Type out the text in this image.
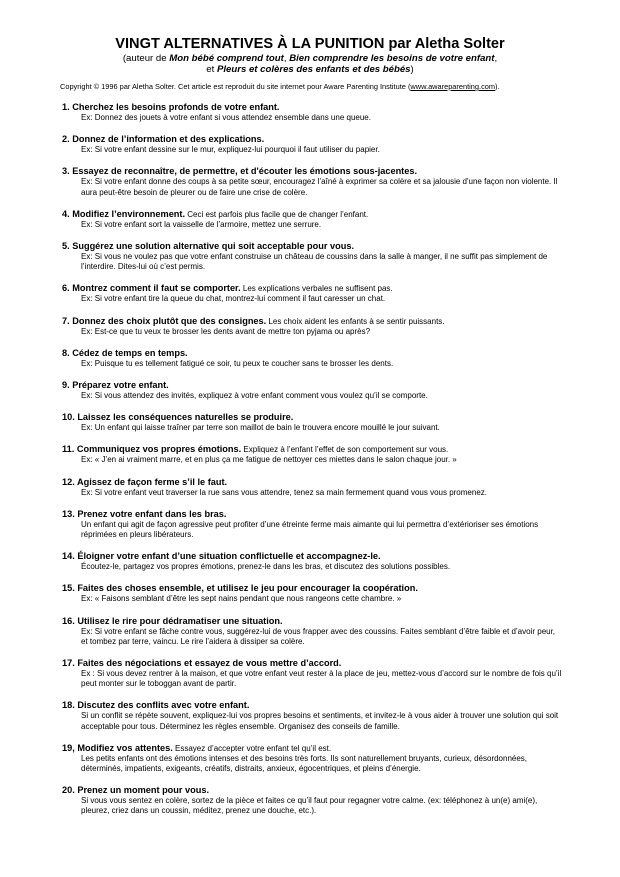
VINGT ALTERNATIVES À LA PUNITION par Aletha Solter
(auteur de Mon bébé comprend tout, Bien comprendre les besoins de votre enfant,
et Pleurs et colères des enfants et des bébés)
Copyright © 1996 par Aletha Solter. Cet article est reproduit du site internet pour Aware Parenting Institute (www.awareparenting.com).
1. Cherchez les besoins profonds de votre enfant.
Ex: Donnez des jouets à votre enfant si vous attendez ensemble dans une queue.
2. Donnez de l’information et des explications.
Ex: Si votre enfant dessine sur le mur, expliquez-lui pourquoi il faut utiliser du papier.
3. Essayez de reconnaître, de permettre, et d'écouter les émotions sous-jacentes.
Ex: Si votre enfant donne des coups à sa petite sœur, encouragez l’aîné à exprimer sa colère et sa jalousie d'une façon non violente. Il aura peut-être besoin de pleurer ou de faire une crise de colère.
4. Modifiez l’environnement. Ceci est parfois plus facile que de changer l’enfant.
Ex: Si votre enfant sort la vaisselle de l’armoire, mettez une serrure.
5. Suggérez une solution alternative qui soit acceptable pour vous.
Ex: Si vous ne voulez pas que votre enfant construise un château de coussins dans la salle à manger, il ne suffit pas simplement de l’interdire. Dites-lui où c’est permis.
6. Montrez comment il faut se comporter. Les explications verbales ne suffisent pas.
Ex: Si votre enfant tire la queue du chat, montrez-lui comment il faut caresser un chat.
7. Donnez des choix plutôt que des consignes. Les choix aident les enfants à se sentir puissants.
Ex: Est-ce que tu veux te brosser les dents avant de mettre ton pyjama ou après?
8. Cédez de temps en temps.
Ex: Puisque tu es tellement fatigué ce soir, tu peux te coucher sans te brosser les dents.
9. Préparez votre enfant.
Ex: Si vous attendez des invités, expliquez à votre enfant comment vous voulez qu’il se comporte.
10. Laissez les conséquences naturelles se produire.
Ex: Un enfant qui laisse traîner par terre son maillot de bain le trouvera encore mouillé le jour suivant.
11. Communiquez vos propres émotions. Expliquez à l’enfant l’effet de son comportement sur vous.
Ex: « J’en ai vraiment marre, et en plus ça me fatigue de nettoyer ces miettes dans le salon chaque jour. »
12. Agissez de façon ferme s’il le faut.
Ex: Si votre enfant veut traverser la rue sans vous attendre, tenez sa main fermement quand vous vous promenez.
13. Prenez votre enfant dans les bras.
Un enfant qui agit de façon agressive peut profiter d’une étreinte ferme mais aimante qui lui permettra d’extérioriser ses émotions réprimées en pleurs libérateurs.
14. Éloigner votre enfant d’une situation conflictuelle et accompagnez-le.
Écoutez-le, partagez vos propres émotions, prenez-le dans les bras, et discutez des solutions possibles.
15. Faites des choses ensemble, et utilisez le jeu pour encourager la coopération.
Ex: « Faisons semblant d’être les sept nains pendant que nous rangeons cette chambre. »
16. Utilisez le rire pour dédramatiser une situation.
Ex: Si votre enfant se fâche contre vous, suggérez-lui de vous frapper avec des coussins. Faites semblant d’être faible et d’avoir peur, et tombez par terre, vaincu. Le rire l’aidera à dissiper sa colère.
17. Faites des négociations et essayez de vous mettre d’accord.
Ex : Si vous devez rentrer à la maison, et que votre enfant veut rester à la place de jeu, mettez-vous d’accord sur le nombre de fois qu’il peut monter sur le toboggan avant de partir.
18. Discutez des conflits avec votre enfant.
Si un conflit se répète souvent, expliquez-lui vos propres besoins et sentiments, et invitez-le à vous aider à trouver une solution qui soit acceptable pour tous. Déterminez les règles ensemble. Organisez des conseils de famille.
19, Modifiez vos attentes. Essayez d’accepter votre enfant tel qu’il est.
Les petits enfants ont des émotions intenses et des besoins très forts. Ils sont naturellement bruyants, curieux, désordonnées, déterminés, impatients, exigeants, créatifs, distraits, anxieux, égocentriques, et pleins d’énergie.
20. Prenez un moment pour vous.
Si vous vous sentez en colère, sortez de la pièce et faites ce qu’il faut pour regagner votre calme. (ex: téléphonez à un(e) ami(e), pleurez, criez dans un coussin, méditez, prenez une douche, etc.).
